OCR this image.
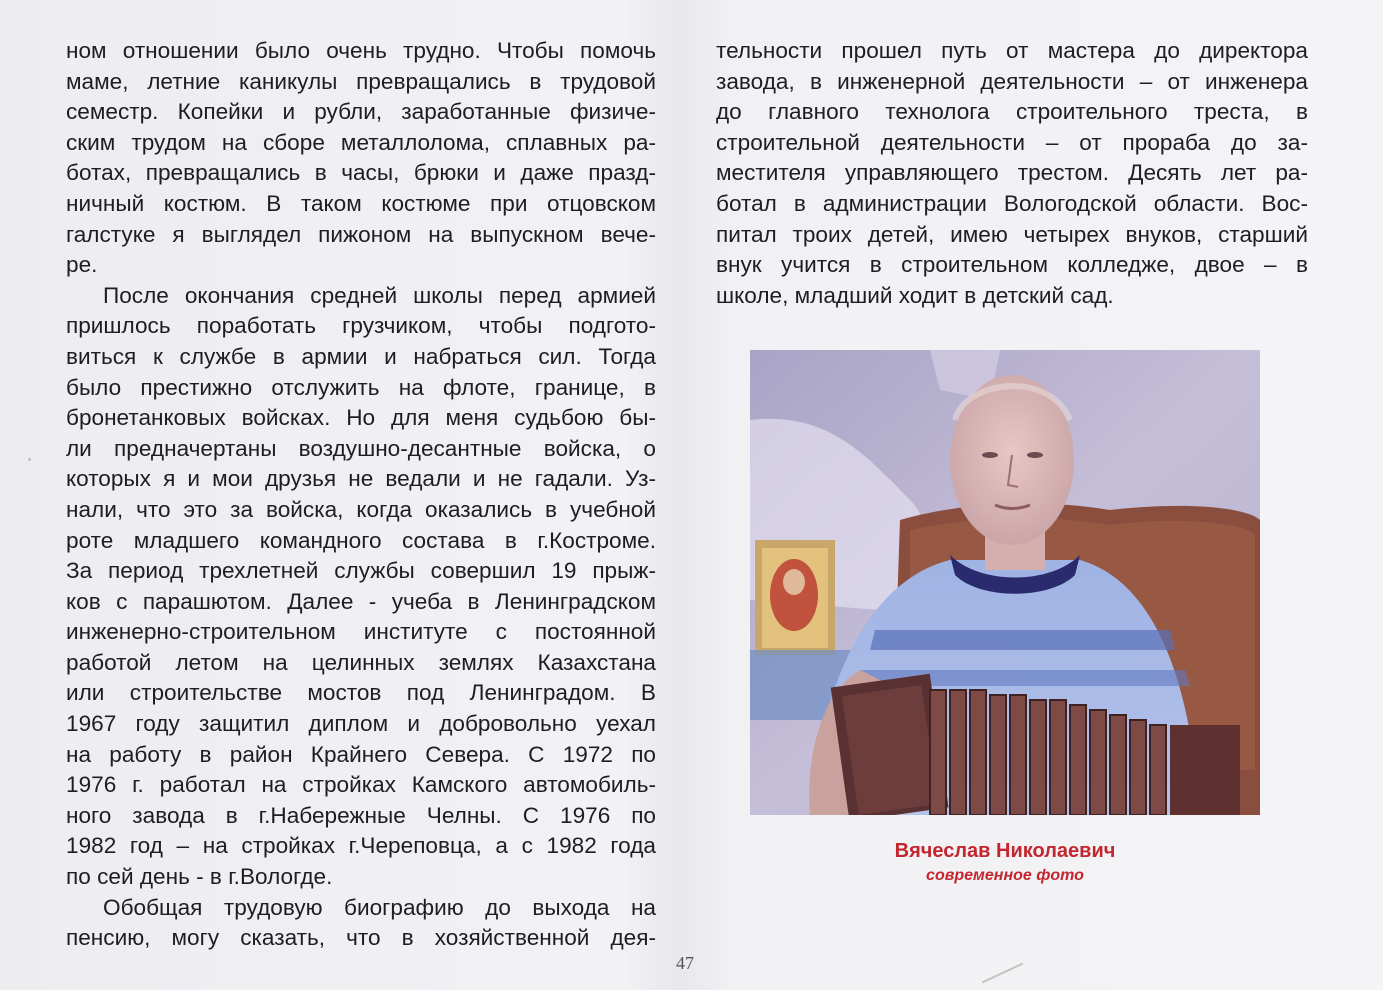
ном отношении было очень трудно. Чтобы помочь
маме, летние каникулы превращались в трудовой
семестр. Копейки и рубли, заработанные физиче-
ским трудом на сборе металлолома, сплавных ра-
ботах, превращались в часы, брюки и даже празд-
ничный костюм. В таком костюме при отцовском
галстуке я выглядел пижоном на выпускном вече-
ре.
После окончания средней школы перед армией
пришлось поработать грузчиком, чтобы подгото-
виться к службе в армии и набраться сил. Тогда
было престижно отслужить на флоте, границе, в
бронетанковых войсках. Но для меня судьбою бы-
ли предначертаны воздушно-десантные войска, о
которых я и мои друзья не ведали и не гадали. Уз-
нали, что это за войска, когда оказались в учебной
роте младшего командного состава в г.Костроме.
За период трехлетней службы совершил 19 прыж-
ков с парашютом. Далее - учеба в Ленинградском
инженерно-строительном институте с постоянной
работой летом на целинных землях Казахстана
или строительстве мостов под Ленинградом. В
1967 году защитил диплом и добровольно уехал
на работу в район Крайнего Севера. С 1972 по
1976 г. работал на стройках Камского автомобиль-
ного завода в г.Набережные Челны. С 1976 по
1982 год – на стройках г.Череповца, а с 1982 года
по сей день - в г.Вологде.
Обобщая трудовую биографию до выхода на
пенсию, могу сказать, что в хозяйственной дея-
тельности прошел путь от мастера до директора
завода, в инженерной деятельности – от инженера
до главного технолога строительного треста, в
строительной деятельности – от прораба до за-
местителя управляющего трестом. Десять лет ра-
ботал в администрации Вологодской области. Вос-
питал троих детей, имею четырех внуков, старший
внук учится в строительном колледже, двое – в
школе, младший ходит в детский сад.
Вячеслав Николаевич
современное фото
47
